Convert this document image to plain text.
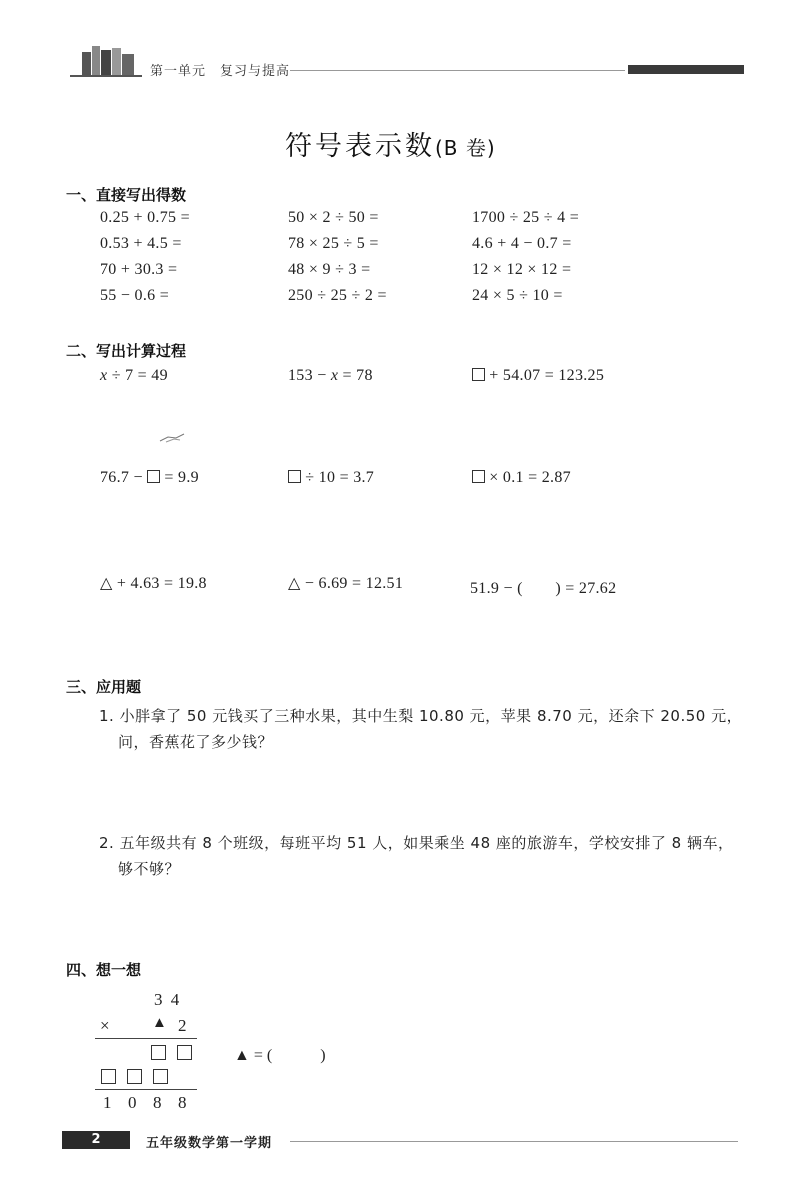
第一单元　复习与提高
符号表示数(B 卷)
一、直接写出得数
0.25 + 0.75 =	50 × 2 ÷ 50 =	1700 ÷ 25 ÷ 4 =
0.53 + 4.5 =	78 × 25 ÷ 5 =	4.6 + 4 − 0.7 =
70 + 30.3 =	48 × 9 ÷ 3 =	12 × 12 × 12 =
55 − 0.6 =	250 ÷ 25 ÷ 2 =	24 × 5 ÷ 10 =
二、写出计算过程
x ÷ 7 = 49	153 − x = 78	+ 54.07 = 123.25
76.7 −  = 9.9	÷ 10 = 3.7	× 0.1 = 2.87
△ + 4.63 = 19.8	△ − 6.69 = 12.51	51.9 − (　　) = 27.62
三、应用题
1. 小胖拿了 50 元钱买了三种水果，其中生梨 10.80 元，苹果 8.70 元，还余下 20.50 元，
问，香蕉花了多少钱？
2. 五年级共有 8 个班级，每班平均 51 人，如果乘坐 48 座的旅游车，学校安排了 8 辆车，
够不够？
四、想一想
3 4
×	▲ 2

▲ = (　　　)

1 0 8 8
2	五年级数学第一学期
